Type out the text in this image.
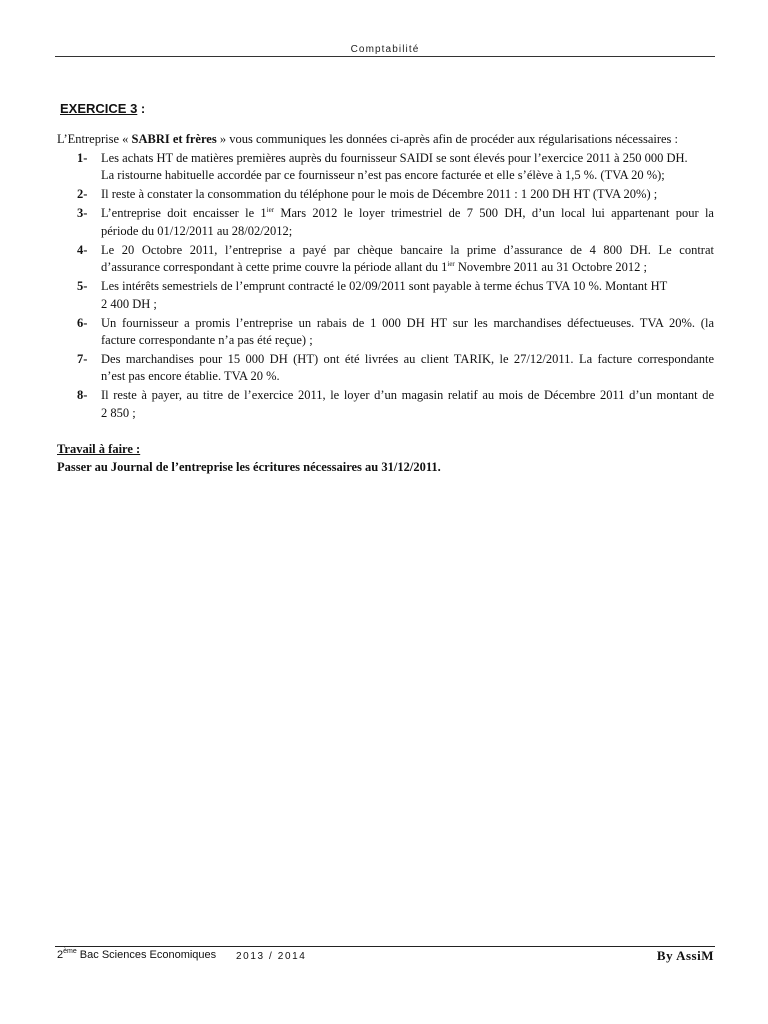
Comptabilité
EXERCICE 3 :
L’Entreprise « SABRI et frères » vous communiques les données ci-après afin de procéder aux régularisations nécessaires :
1- Les achats HT de matières premières auprès du fournisseur SAIDI se sont élevés pour l’exercice 2011 à 250 000 DH.
La ristourne habituelle accordée par ce fournisseur n’est pas encore facturée et elle s’élève à 1,5 %. (TVA 20 %);
2- Il reste à constater la consommation du téléphone pour le mois de Décembre 2011 : 1 200 DH HT (TVA 20%) ;
3- L’entreprise doit encaisser le $1^{ier}$ Mars 2012 le loyer trimestriel de 7 500 DH, d’un local lui appartenant pour la
période du 01/12/2011 au 28/02/2012;
4- Le 20 Octobre 2011, l’entreprise a payé par chèque bancaire la prime d’assurance de 4 800 DH. Le contrat
d’assurance correspondant à cette prime couvre la période allant du $1^{ier}$ Novembre 2011 au 31 Octobre 2012 ;
5- Les intérêts semestriels de l’emprunt contracté le 02/09/2011 sont payable à terme échus TVA 10 %. Montant HT
2 400 DH ;
6- Un fournisseur a promis l’entreprise un rabais de 1 000 DH HT sur les marchandises défectueuses. TVA 20%. (la
facture correspondante n’a pas été reçue) ;
7- Des marchandises pour 15 000 DH (HT) ont été livrées au client TARIK, le 27/12/2011. La facture correspondante
n’est pas encore établie. TVA 20 %.
8- Il reste à payer, au titre de l’exercice 2011, le loyer d’un magasin relatif au mois de Décembre 2011 d’un montant de
2 850 ;
Travail à faire :
Passer au Journal de l’entreprise les écritures nécessaires au 31/12/2011.
2ème Bac Sciences Economiques 2013 / 2014	By AssiM
